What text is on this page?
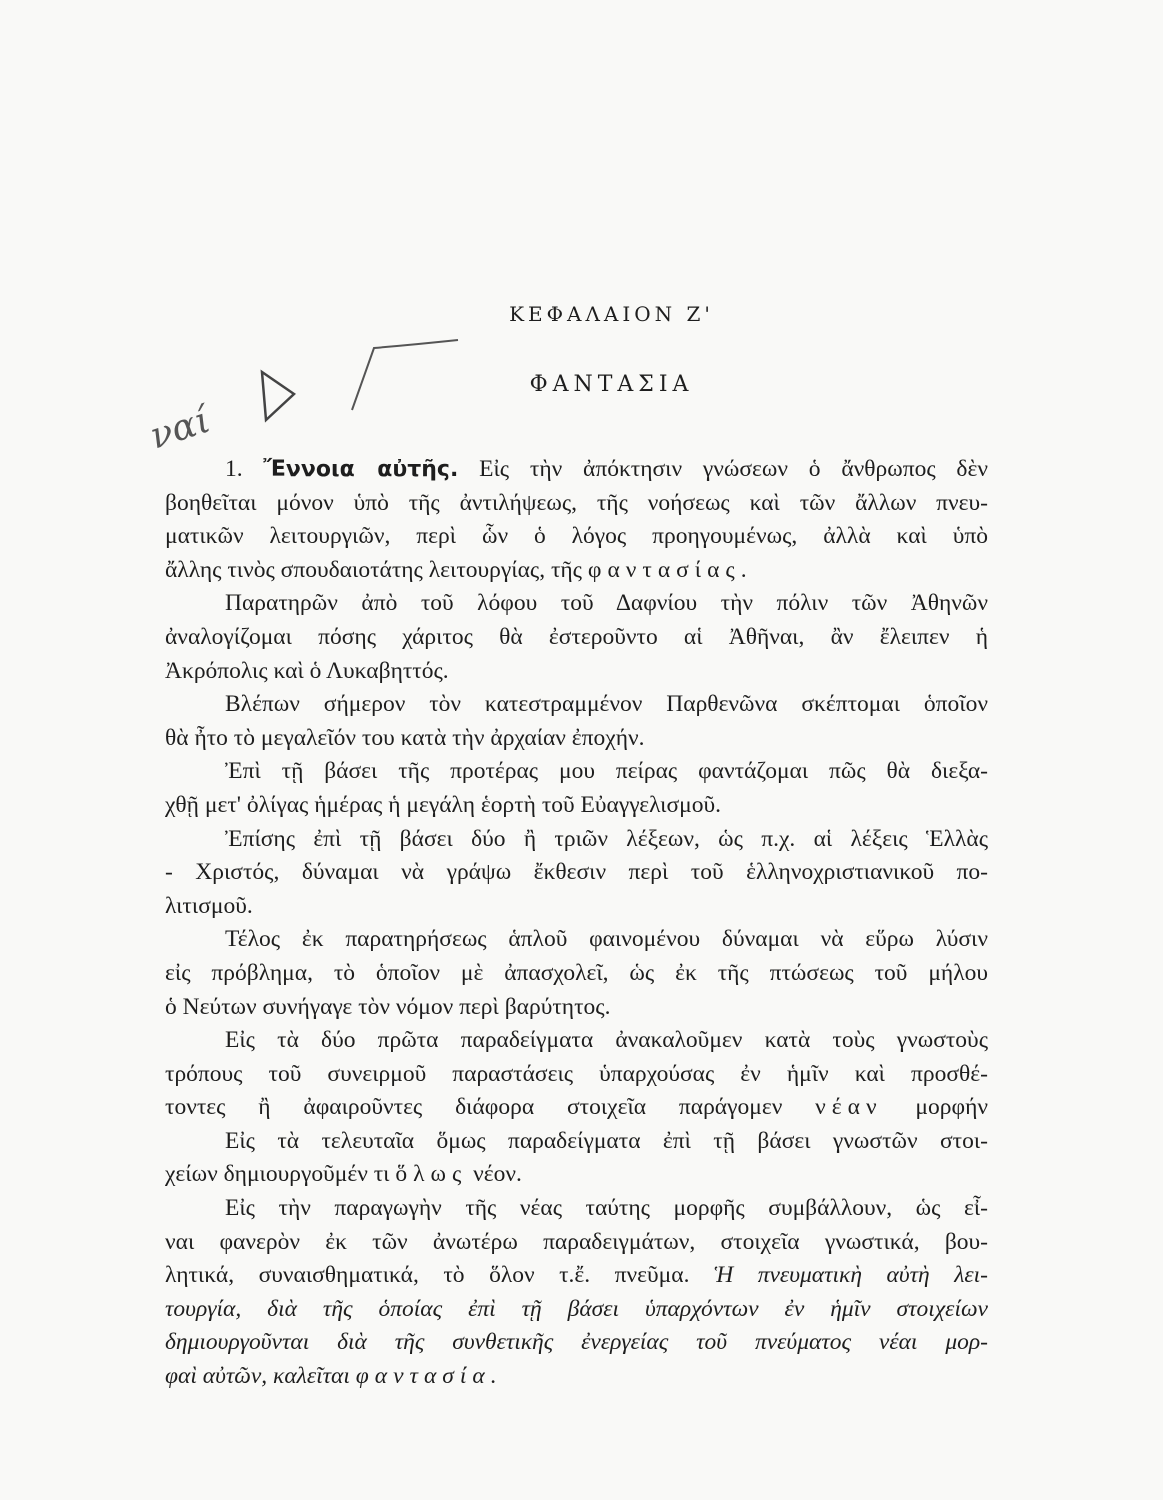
ΚΕΦΑΛΑΙΟΝ Ζ'
ΦΑΝΤΑΣΙΑ
ναί
1. Ἔννοια αὐτῆς. Εἰς τὴν ἀπόκτησιν γνώσεων ὁ ἄνθρωπος δὲν
βοηθεῖται μόνον ὑπὸ τῆς ἀντιλήψεως, τῆς νοήσεως καὶ τῶν ἄλλων πνευ-
ματικῶν λειτουργιῶν, περὶ ὧν ὁ λόγος προηγουμένως, ἀλλὰ καὶ ὑπὸ
ἄλλης τινὸς σπουδαιοτάτης λειτουργίας, τῆς φαντασίας.
Παρατηρῶν ἀπὸ τοῦ λόφου τοῦ Δαφνίου τὴν πόλιν τῶν Ἀθηνῶν
ἀναλογίζομαι πόσης χάριτος θὰ ἐστεροῦντο αἱ Ἀθῆναι, ἂν ἔλειπεν ἡ
Ἀκρόπολις καὶ ὁ Λυκαβηττός.
Βλέπων σήμερον τὸν κατεστραμμένον Παρθενῶνα σκέπτομαι ὁποῖον
θὰ ἦτο τὸ μεγαλεῖόν του κατὰ τὴν ἀρχαίαν ἐποχήν.
Ἐπὶ τῇ βάσει τῆς προτέρας μου πείρας φαντάζομαι πῶς θὰ διεξα-
χθῇ μετ' ὀλίγας ἡμέρας ἡ μεγάλη ἑορτὴ τοῦ Εὐαγγελισμοῦ.
Ἐπίσης ἐπὶ τῇ βάσει δύο ἢ τριῶν λέξεων, ὡς π.χ. αἱ λέξεις Ἑλλὰς
- Χριστός, δύναμαι νὰ γράψω ἔκθεσιν περὶ τοῦ ἑλληνοχριστιανικοῦ πο-
λιτισμοῦ.
Τέλος ἐκ παρατηρήσεως ἁπλοῦ φαινομένου δύναμαι νὰ εὕρω λύσιν
εἰς πρόβλημα, τὸ ὁποῖον μὲ ἀπασχολεῖ, ὡς ἐκ τῆς πτώσεως τοῦ μήλου
ὁ Νεύτων συνήγαγε τὸν νόμον περὶ βαρύτητος.
Εἰς τὰ δύο πρῶτα παραδείγματα ἀνακαλοῦμεν κατὰ τοὺς γνωστοὺς
τρόπους τοῦ συνειρμοῦ παραστάσεις ὑπαρχούσας ἐν ἡμῖν καὶ προσθέ-
τοντες ἢ ἀφαιροῦντες διάφορα στοιχεῖα παράγομεν νέαν μορφήν
Εἰς τὰ τελευταῖα ὅμως παραδείγματα ἐπὶ τῇ βάσει γνωστῶν στοι-
χείων δημιουργοῦμέν τι ὅλως νέον.
Εἰς τὴν παραγωγὴν τῆς νέας ταύτης μορφῆς συμβάλλουν, ὡς εἶ-
ναι φανερὸν ἐκ τῶν ἀνωτέρω παραδειγμάτων, στοιχεῖα γνωστικά, βου-
λητικά, συναισθηματικά, τὸ ὅλον τ.ἔ. πνεῦμα. Ἡ πνευματικὴ αὐτὴ λει-
τουργία, διὰ τῆς ὁποίας ἐπὶ τῇ βάσει ὑπαρχόντων ἐν ἡμῖν στοιχείων
δημιουργοῦνται διὰ τῆς συνθετικῆς ἐνεργείας τοῦ πνεύματος νέαι μορ-
φαὶ αὐτῶν, καλεῖται φαντασία.
